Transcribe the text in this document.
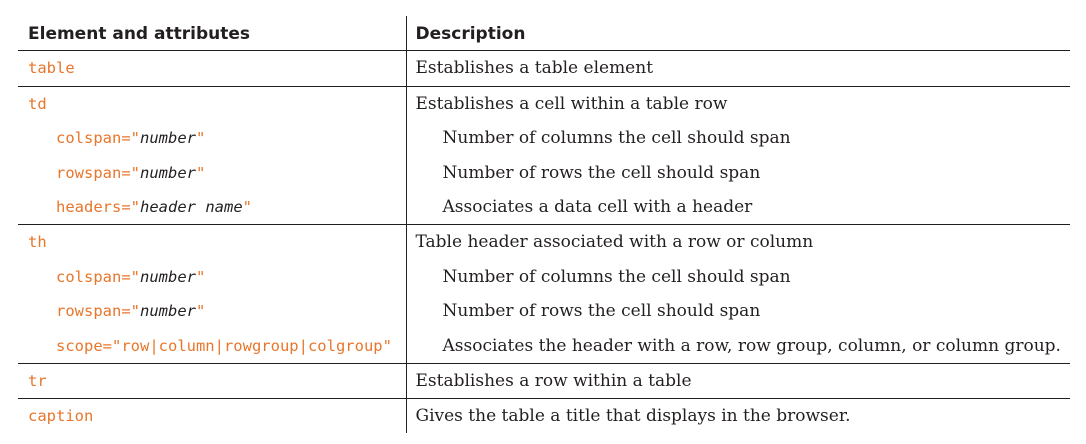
Element and attributes	Description
table	Establishes a table element
td	Establishes a cell within a table row
colspan="number"	Number of columns the cell should span
rowspan="number"	Number of rows the cell should span
headers="header name"	Associates a data cell with a header
th	Table header associated with a row or column
colspan="number"	Number of columns the cell should span
rowspan="number"	Number of rows the cell should span
scope="row|column|rowgroup|colgroup"	Associates the header with a row, row group, column, or column group.
tr	Establishes a row within a table
caption	Gives the table a title that displays in the browser.
